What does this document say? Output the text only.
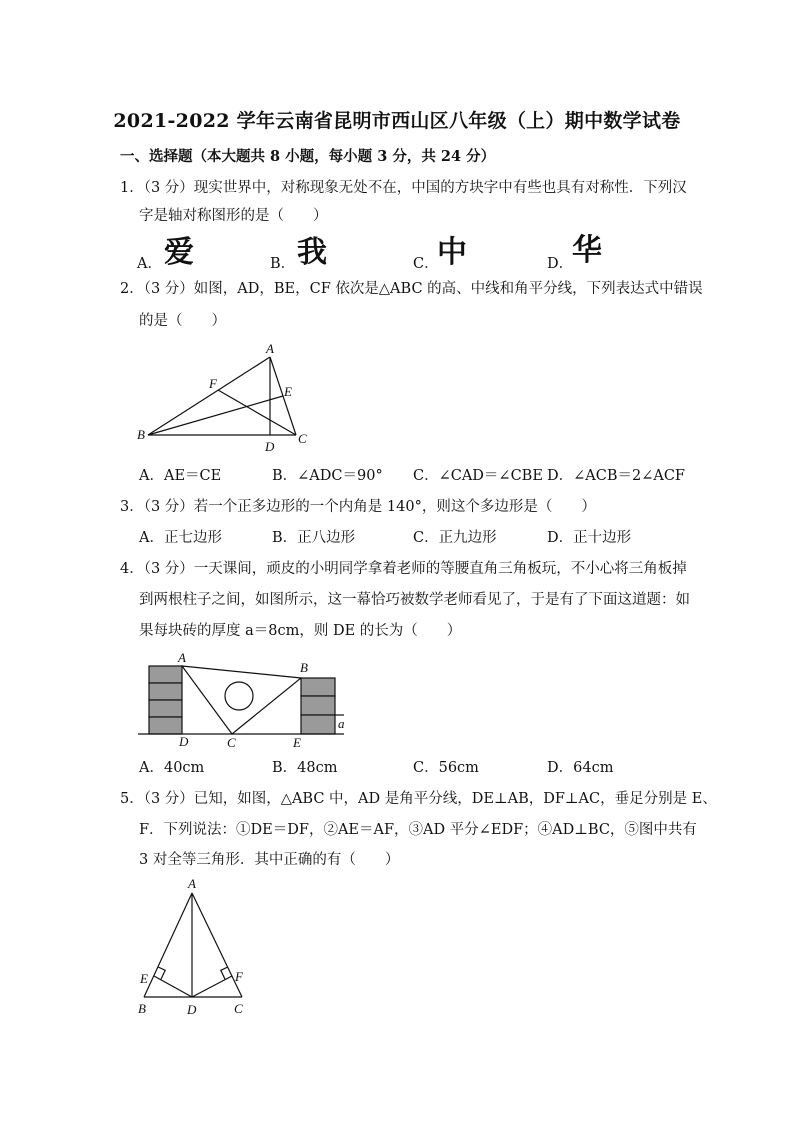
2021-2022 学年云南省昆明市西山区八年级（上）期中数学试卷
一、选择题（本大题共 8 小题，每小题 3 分，共 24 分）
1．（3 分）现实世界中，对称现象无处不在，中国的方块字中有些也具有对称性．下列汉
字是轴对称图形的是（　　）
A． 爱	B． 我	C．
中	D．
华
2．（3 分）如图，AD，BE，CF 依次是△ABC 的高、中线和角平分线，下列表达式中错误
的是（　　）
A
B	C
D
E
F
A．AE＝CE	B．∠ADC＝90° C．∠CAD＝∠CBE D．∠ACB＝2∠ACF
3．（3 分）若一个正多边形的一个内角是 140°，则这个多边形是（　　）
A．正七边形	B．正八边形	C．正九边形	D．正十边形
4．（3 分）一天课间，顽皮的小明同学拿着老师的等腰直角三角板玩，不小心将三角板掉
到两根柱子之间，如图所示，这一幕恰巧被数学老师看见了，于是有了下面这道题：如
果每块砖的厚度 a＝8cm，则 DE 的长为（　　）
A
B
C
D	E
a
A．40cm	B．48cm	C．56cm	D．64cm
5．（3 分）已知，如图，△ABC 中，AD 是角平分线，DE⊥AB，DF⊥AC，垂足分别是 E、
F．下列说法：①DE＝DF，②AE＝AF，③AD 平分∠EDF；④AD⊥BC，⑤图中共有
3 对全等三角形．其中正确的有（　　）
A
B	C
D
E	F
